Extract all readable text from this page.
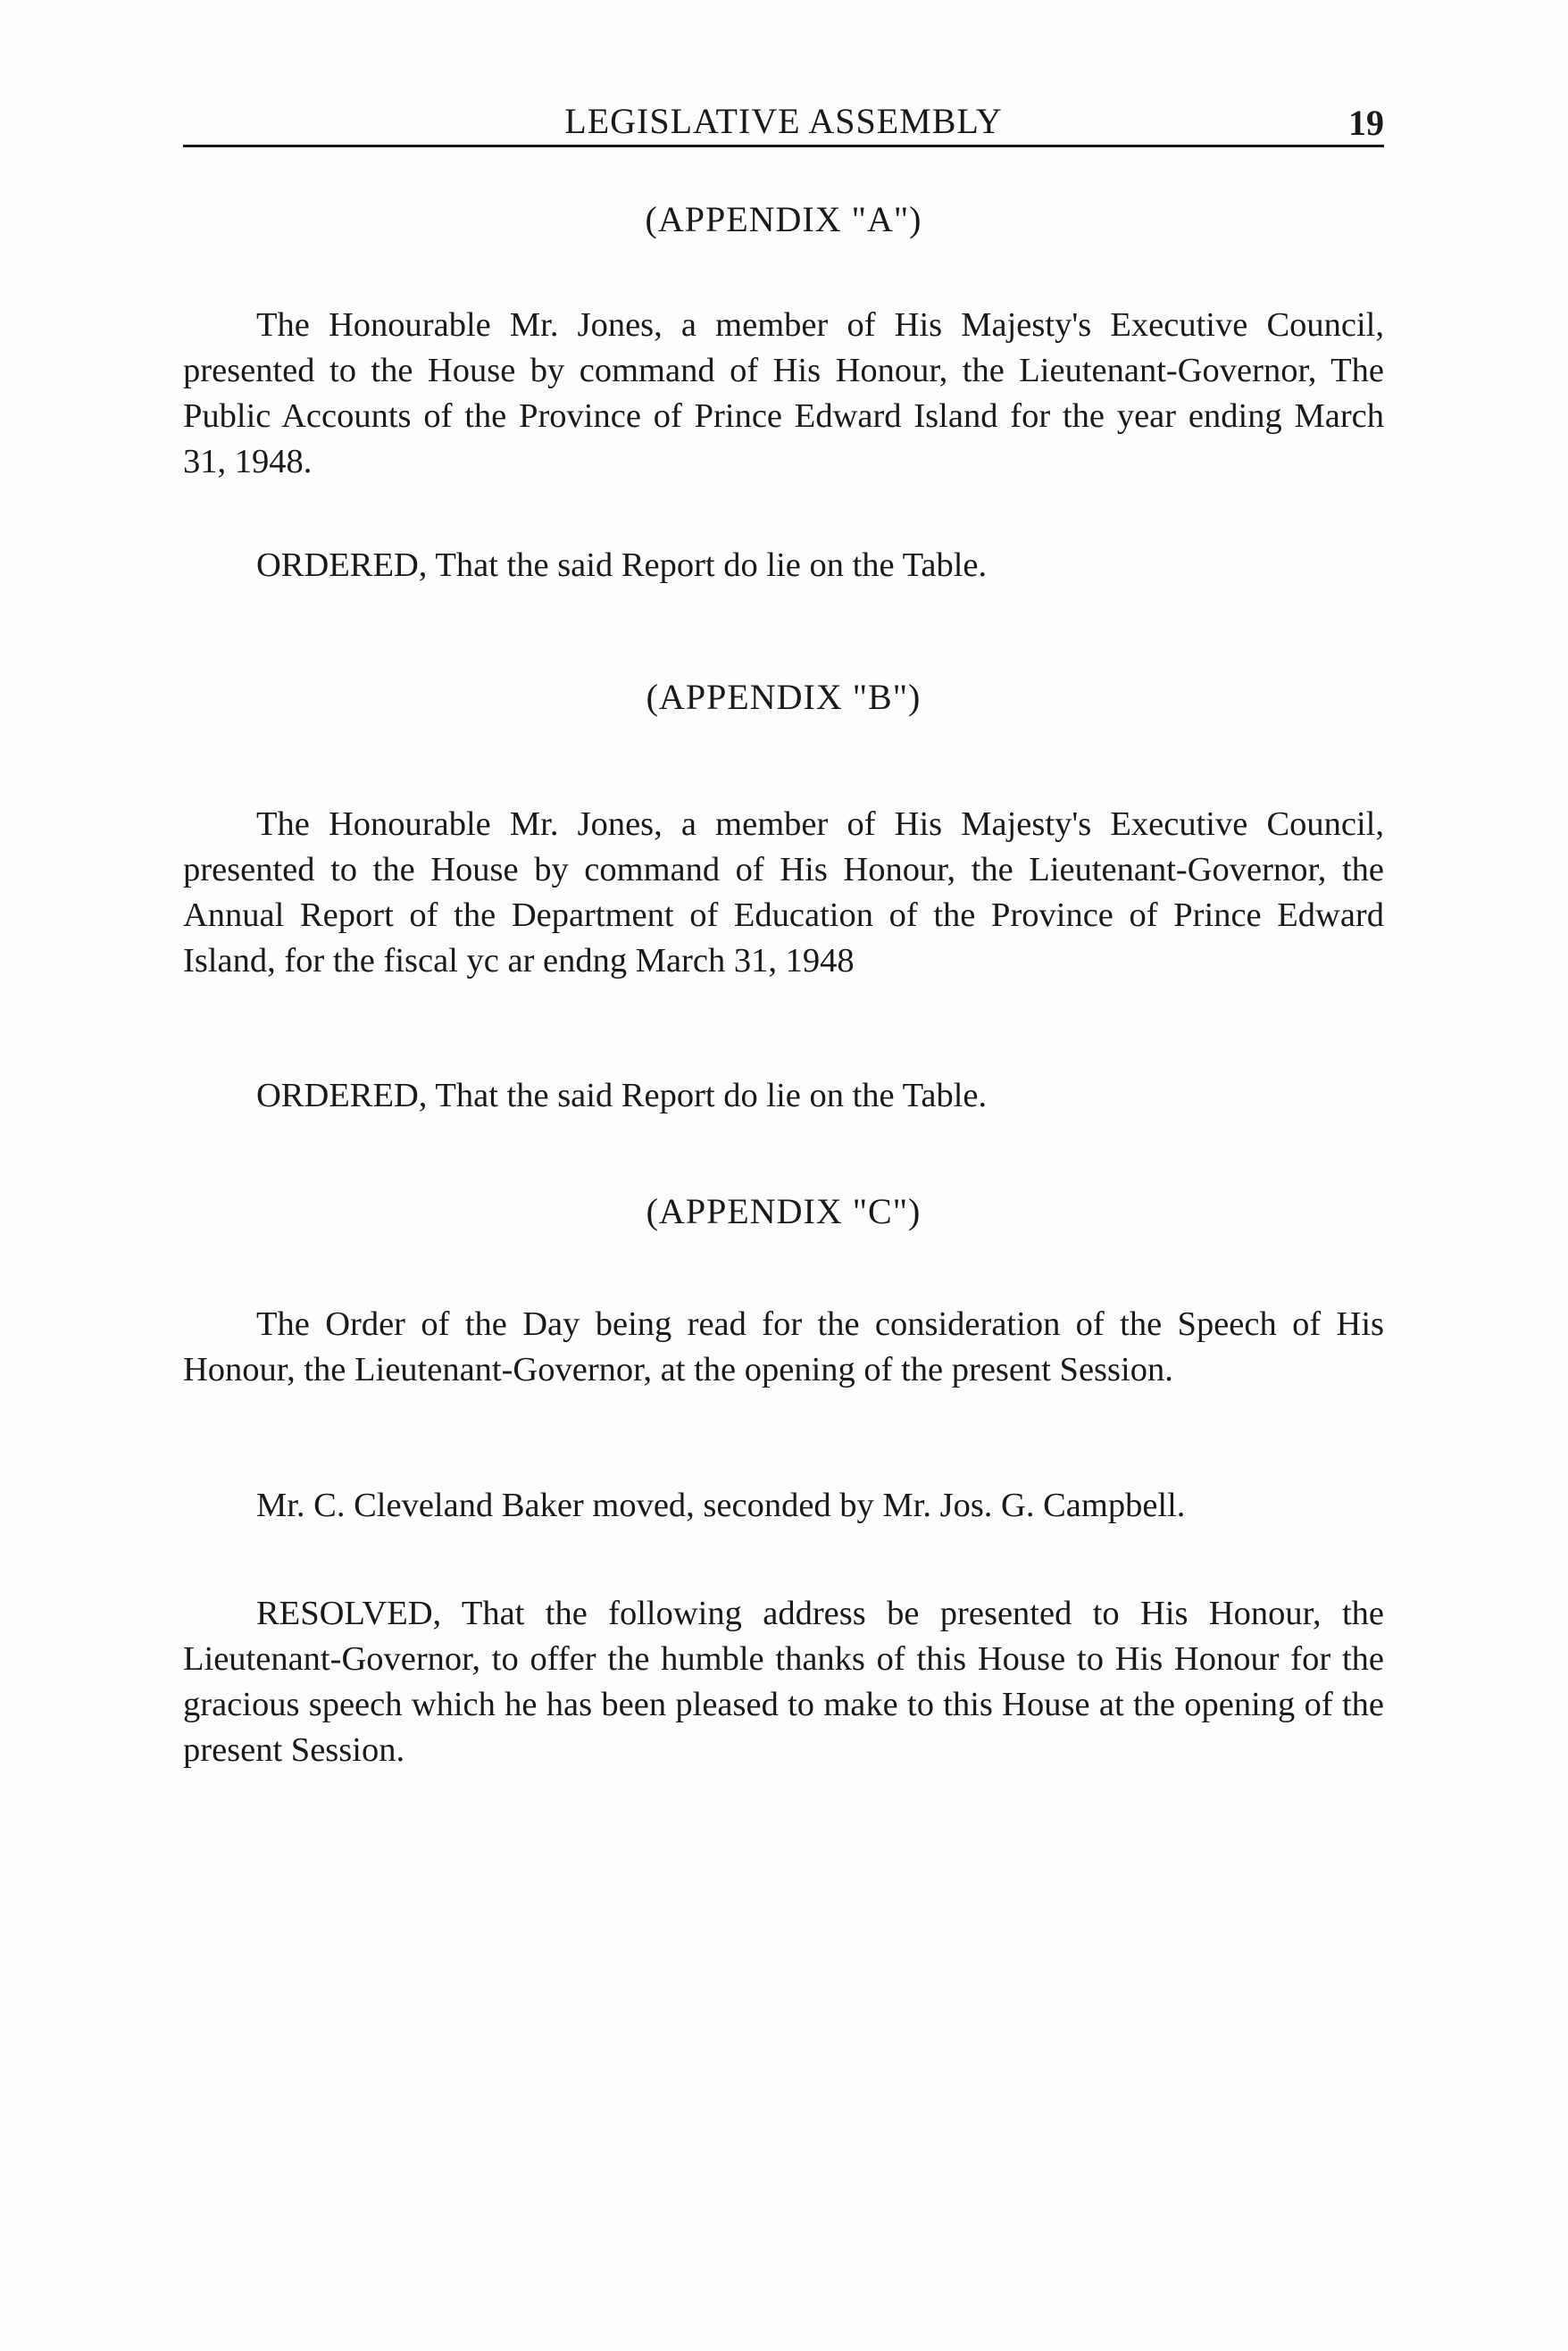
LEGISLATIVE ASSEMBLY	19
(APPENDIX "A")
The Honourable Mr. Jones, a member of His Majesty's Executive Council, presented to the House by command of His Honour, the Lieutenant-Governor, The Public Accounts of the Province of Prince Edward Island for the year ending March 31, 1948.
ORDERED, That the said Report do lie on the Table.
(APPENDIX "B")
The Honourable Mr. Jones, a member of His Majesty's Executive Council, presented to the House by command of His Honour, the Lieutenant-Governor, the Annual Report of the Department of Education of the Province of Prince Edward Island, for the fiscal yc ar endng March 31, 1948
ORDERED, That the said Report do lie on the Table.
(APPENDIX "C")
The Order of the Day being read for the consideration of the Speech of His Honour, the Lieutenant-Governor, at the opening of the present Session.
Mr. C. Cleveland Baker moved, seconded by Mr. Jos. G. Campbell.
RESOLVED, That the following address be presented to His Honour, the Lieutenant-Governor, to offer the humble thanks of this House to His Honour for the gracious speech which he has been pleased to make to this House at the opening of the present Session.
